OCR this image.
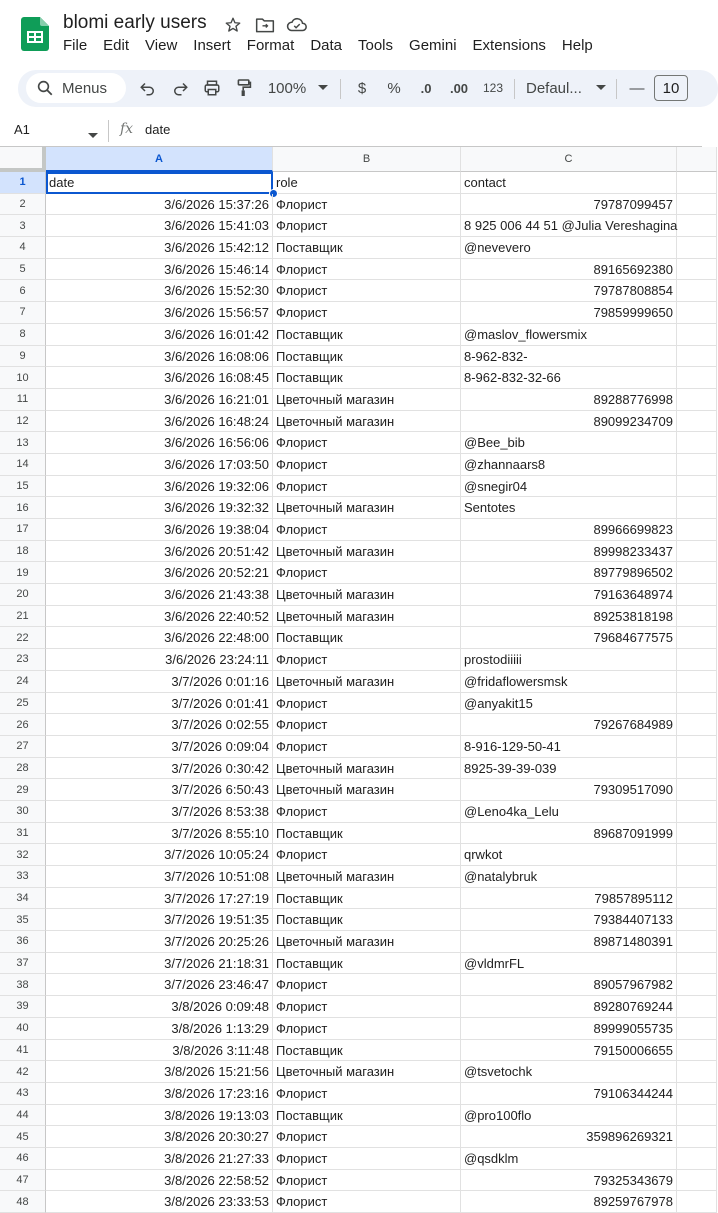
blomi early users
File Edit View Insert Format Data Tools Gemini Extensions Help
Menus	100%	$	% .0 .00 123 Defaul...	—	10
A1	fx date
A	B	C
1	date	role	contact
2	3/6/2026 15:37:26 Флорист	79787099457
3	3/6/2026 15:41:03 Флорист	8 925 006 44 51 @Julia Vereshagina
4	3/6/2026 15:42:12 Поставщик	@nevevero
5	3/6/2026 15:46:14 Флорист	89165692380
6	3/6/2026 15:52:30 Флорист	79787808854
7	3/6/2026 15:56:57 Флорист	79859999650
8	3/6/2026 16:01:42 Поставщик	@maslov_flowersmix
9	3/6/2026 16:08:06 Поставщик	8-962-832-
10	3/6/2026 16:08:45 Поставщик	8-962-832-32-66
11	3/6/2026 16:21:01 Цветочный магазин	89288776998
12	3/6/2026 16:48:24 Цветочный магазин	89099234709
13	3/6/2026 16:56:06 Флорист	@Bee_bib
14	3/6/2026 17:03:50 Флорист	@zhannaars8
15	3/6/2026 19:32:06 Флорист	@snegir04
16	3/6/2026 19:32:32 Цветочный магазин	Sentotes
17	3/6/2026 19:38:04 Флорист	89966699823
18	3/6/2026 20:51:42 Цветочный магазин	89998233437
19	3/6/2026 20:52:21 Флорист	89779896502
20	3/6/2026 21:43:38 Цветочный магазин	79163648974
21	3/6/2026 22:40:52 Цветочный магазин	89253818198
22	3/6/2026 22:48:00 Поставщик	79684677575
23	3/6/2026 23:24:11 Флорист	prostodiiiii
24	3/7/2026 0:01:16 Цветочный магазин	@fridaflowersmsk
25	3/7/2026 0:01:41 Флорист	@anyakit15
26	3/7/2026 0:02:55 Флорист	79267684989
27	3/7/2026 0:09:04 Флорист	8-916-129-50-41
28	3/7/2026 0:30:42 Цветочный магазин	8925-39-39-039
29	3/7/2026 6:50:43 Цветочный магазин	79309517090
30	3/7/2026 8:53:38 Флорист	@Leno4ka_Lelu
31	3/7/2026 8:55:10 Поставщик	89687091999
32	3/7/2026 10:05:24 Флорист	qrwkot
33	3/7/2026 10:51:08 Цветочный магазин	@natalybruk
34	3/7/2026 17:27:19 Поставщик	79857895112
35	3/7/2026 19:51:35 Поставщик	79384407133
36	3/7/2026 20:25:26 Цветочный магазин	89871480391
37	3/7/2026 21:18:31 Поставщик	@vldmrFL
38	3/7/2026 23:46:47 Флорист	89057967982
39	3/8/2026 0:09:48 Флорист	89280769244
40	3/8/2026 1:13:29 Флорист	89999055735
41	3/8/2026 3:11:48 Поставщик	79150006655
42	3/8/2026 15:21:56 Цветочный магазин	@tsvetochk
43	3/8/2026 17:23:16 Флорист	79106344244
44	3/8/2026 19:13:03 Поставщик	@pro100flo
45	3/8/2026 20:30:27 Флорист	359896269321
46	3/8/2026 21:27:33 Флорист	@qsdklm
47	3/8/2026 22:58:52 Флорист	79325343679
48	3/8/2026 23:33:53 Флорист	89259767978
